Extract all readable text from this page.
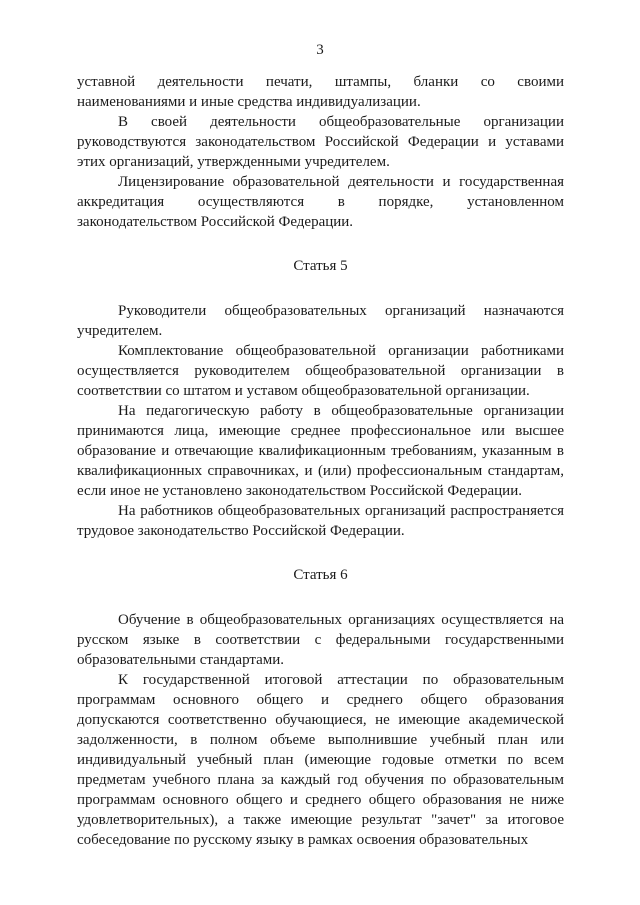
3

уставной деятельности печати, штампы, бланки со своими наименованиями и иные средства индивидуализации.

В своей деятельности общеобразовательные организации руководствуются законодательством Российской Федерации и уставами этих организаций, утвержденными учредителем.

Лицензирование образовательной деятельности и государственная аккредитация осуществляются в порядке, установленном законодательством Российской Федерации.

Статья 5

Руководители общеобразовательных организаций назначаются учредителем.

Комплектование общеобразовательной организации работниками осуществляется руководителем общеобразовательной организации в соответствии со штатом и уставом общеобразовательной организации.

На педагогическую работу в общеобразовательные организации принимаются лица, имеющие среднее профессиональное или высшее образование и отвечающие квалификационным требованиям, указанным в квалификационных справочниках, и (или) профессиональным стандартам, если иное не установлено законодательством Российской Федерации.

На работников общеобразовательных организаций распространяется трудовое законодательство Российской Федерации.

Статья 6

Обучение в общеобразовательных организациях осуществляется на русском языке в соответствии с федеральными государственными образовательными стандартами.

К государственной итоговой аттестации по образовательным программам основного общего и среднего общего образования допускаются соответственно обучающиеся, не имеющие академической задолженности, в полном объеме выполнившие учебный план или индивидуальный учебный план (имеющие годовые отметки по всем предметам учебного плана за каждый год обучения по образовательным программам основного общего и среднего общего образования не ниже удовлетворительных), а также имеющие результат "зачет" за итоговое собеседование по русскому языку в рамках освоения образовательных
